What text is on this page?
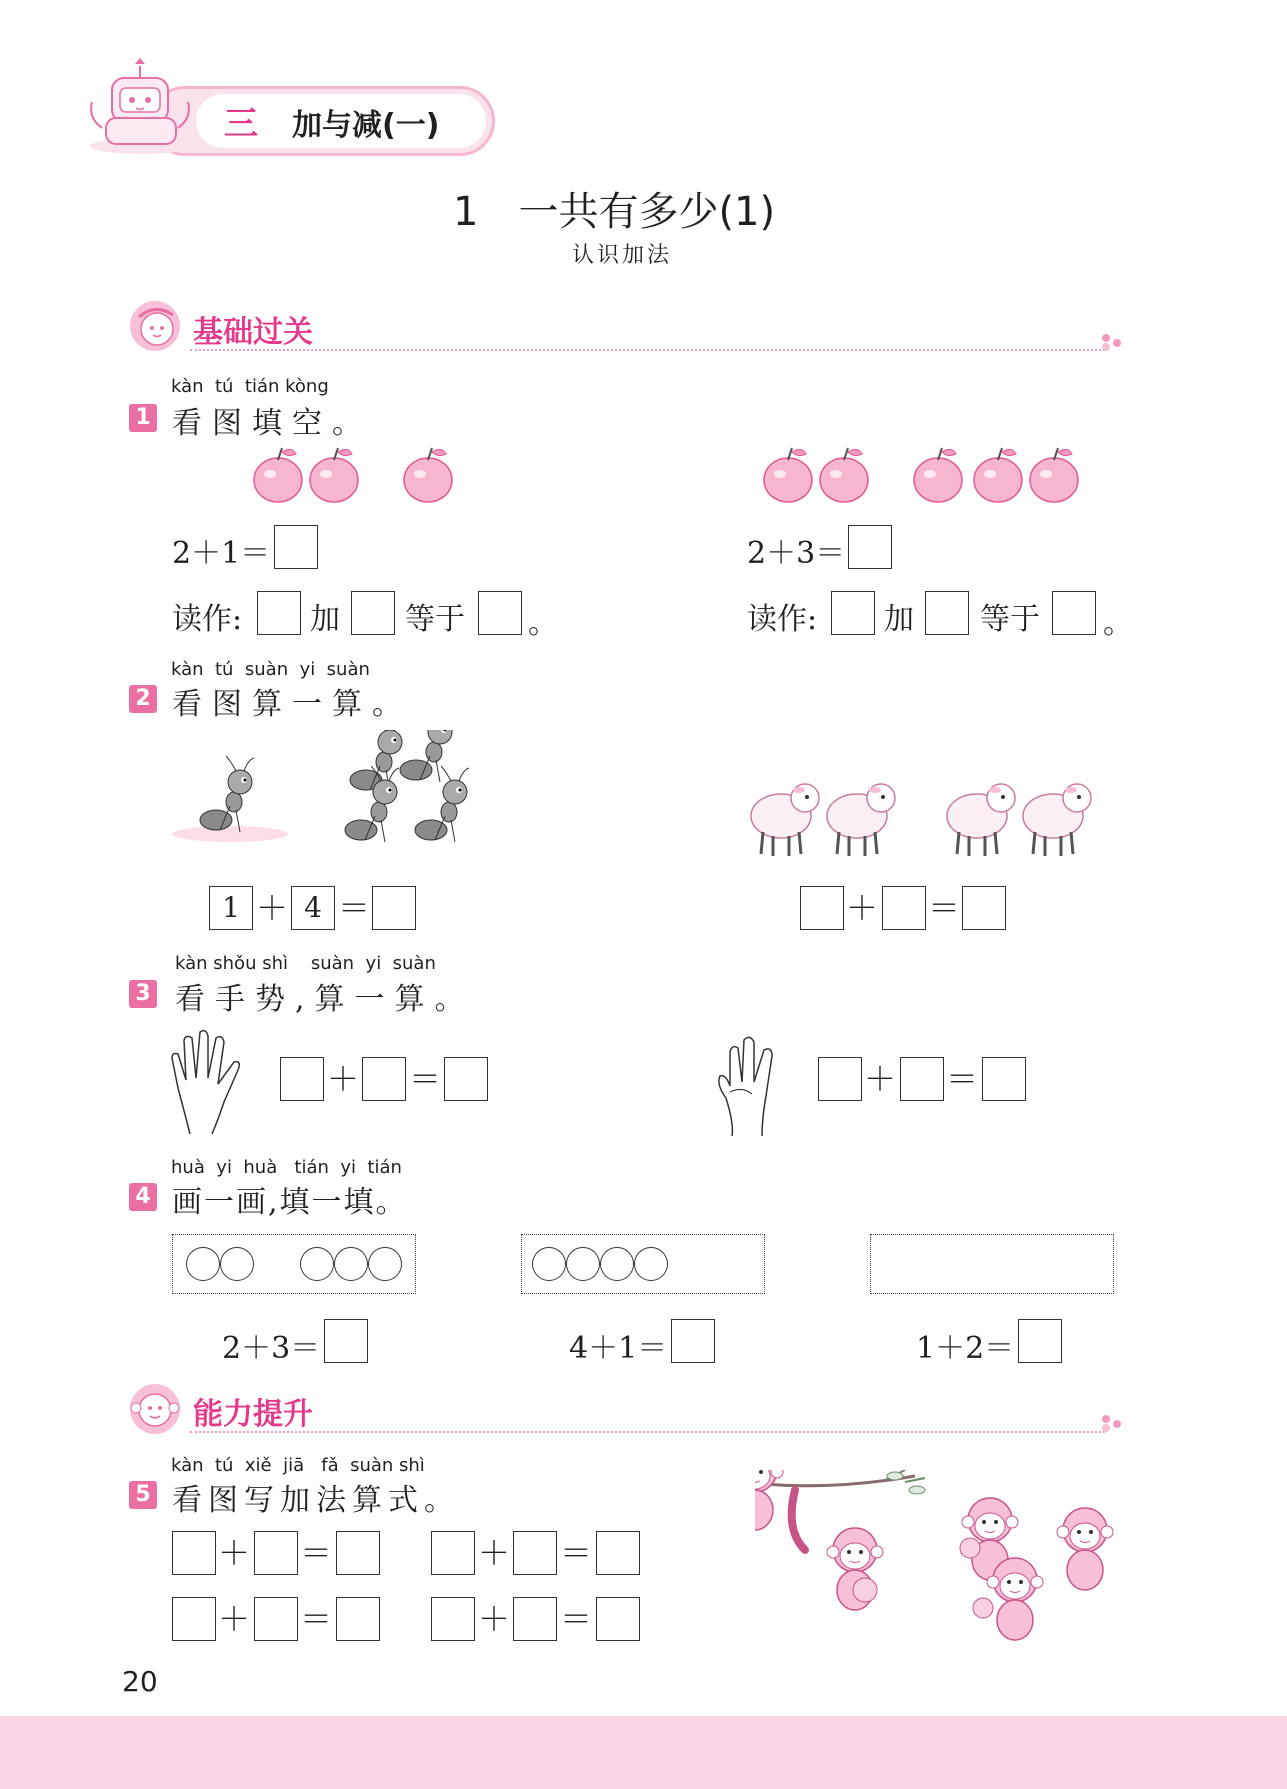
三 加与减(一)
1　一共有多少(1)
认识加法
基础过关
kàn  tú  tián kòng
1 看图填空。
2＋1＝	2＋3＝
读作: 加 等于 。	读作: 加 等于 。
kàn  tú  suàn  yi  suàn
2 看图算一算。
1 ＋ 4 ＝	＋ ＝
kàn shǒu shì    suàn  yi  suàn
3 看手势,算一算。
＋ ＝	＋ ＝
huà  yi  huà   tián  yi  tián
4 画一画,填一填。
2＋3＝	4＋1＝	1＋2＝
能力提升
kàn  tú  xiě  jiā   fǎ  suàn shì
5 看图写加法算式。
＋ ＝	＋ ＝
＋ ＝	＋ ＝
20
